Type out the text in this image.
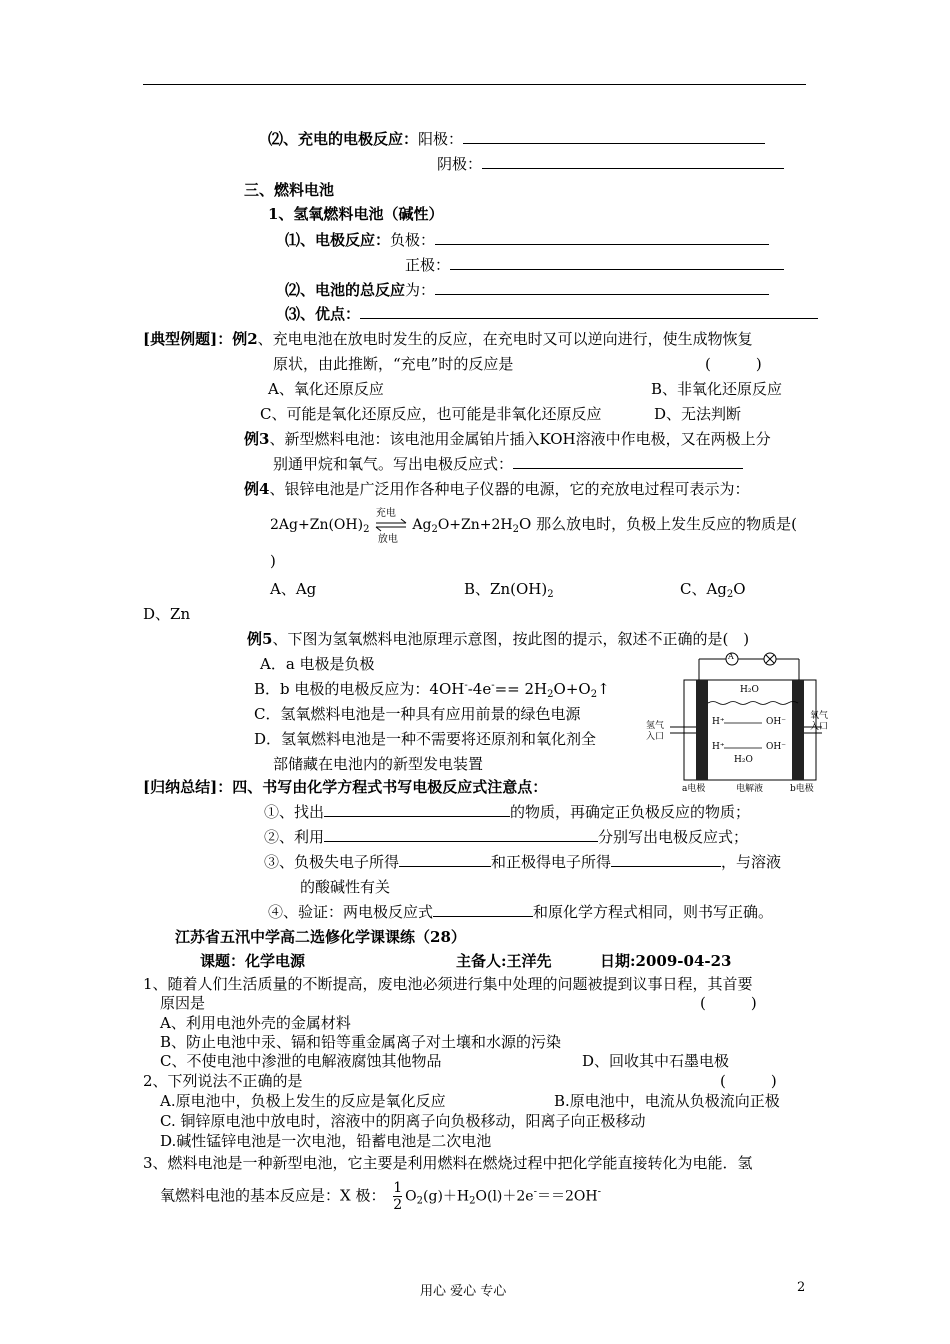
⑵、充电的电极反应：阳极：
阴极：
三、燃料电池
1、氢氧燃料电池（碱性）
⑴、电极反应：负极：
正极：
⑵、电池的总反应为：
⑶、优点：
[典型例题]：例2、充电电池在放电时发生的反应，在充电时又可以逆向进行，使生成物恢复
原状，由此推断，“充电”时的反应是	(　　　)
A、氧化还原反应	B、非氧化还原反应
C、可能是氧化还原反应，也可能是非氧化还原反应	D、无法判断
例3、新型燃料电池：该电池用金属铂片插入KOH溶液中作电极，又在两极上分
别通甲烷和氧气。写出电极反应式：
例4、银锌电池是广泛用作各种电子仪器的电源，它的充放电过程可表示为：
$2Ag+Zn(OH)_2$
充电
放电
$Ag_2O+Zn+2H_2O$ 那么放电时，负极上发生反应的物质是(
)
A、Ag	B、$Zn(OH)_2$	C、$Ag_2O$
D、Zn
例5、下图为氢氧燃料电池原理示意图，按此图的提示，叙述不正确的是(　)
A．a 电极是负极
B．b 电极的电极反应为：$4OH^--4e^-== 2H_2O+O_2↑$
C．氢氧燃料电池是一种具有应用前景的绿色电源
D．氢氧燃料电池是一种不需要将还原剂和氧化剂全
部储藏在电池内的新型发电装置
A
H₂O
H⁺	OH⁻
H⁺	OH⁻
H₂O
氢气入口
氧气入口
a电极	电解液	b电极
[归纳总结]：四、书写由化学方程式书写电极反应式注意点：
①、找出	的物质，再确定正负极反应的物质；
②、利用	分别写出电极反应式；
③、负极失电子所得	和正极得电子所得	，与溶液
的酸碱性有关
④、验证：两电极反应式	和原化学方程式相同，则书写正确。
江苏省五汛中学高二选修化学课课练（28）
课题：化学电源	主备人:王洋先	日期:2009-04-23
1、随着人们生活质量的不断提高，废电池必须进行集中处理的问题被提到议事日程，其首要
原因是	(　　　)
A、利用电池外壳的金属材料
B、防止电池中汞、镉和铅等重金属离子对土壤和水源的污染
C、不使电池中渗泄的电解液腐蚀其他物品	D、回收其中石墨电极
2、下列说法不正确的是	(　　　)
A.原电池中，负极上发生的反应是氧化反应	B.原电池中，电流从负极流向正极
C. 铜锌原电池中放电时，溶液中的阴离子向负极移动，阳离子向正极移动
D.碱性锰锌电池是一次电池，铅蓄电池是二次电池
3、燃料电池是一种新型电池，它主要是利用燃料在燃烧过程中把化学能直接转化为电能．氢
氧燃料电池的基本反应是：X 极： $\frac{1}{2} O_2(g)+H_2O(l)+2e^-==2OH^-$
用心 爱心 专心	2
